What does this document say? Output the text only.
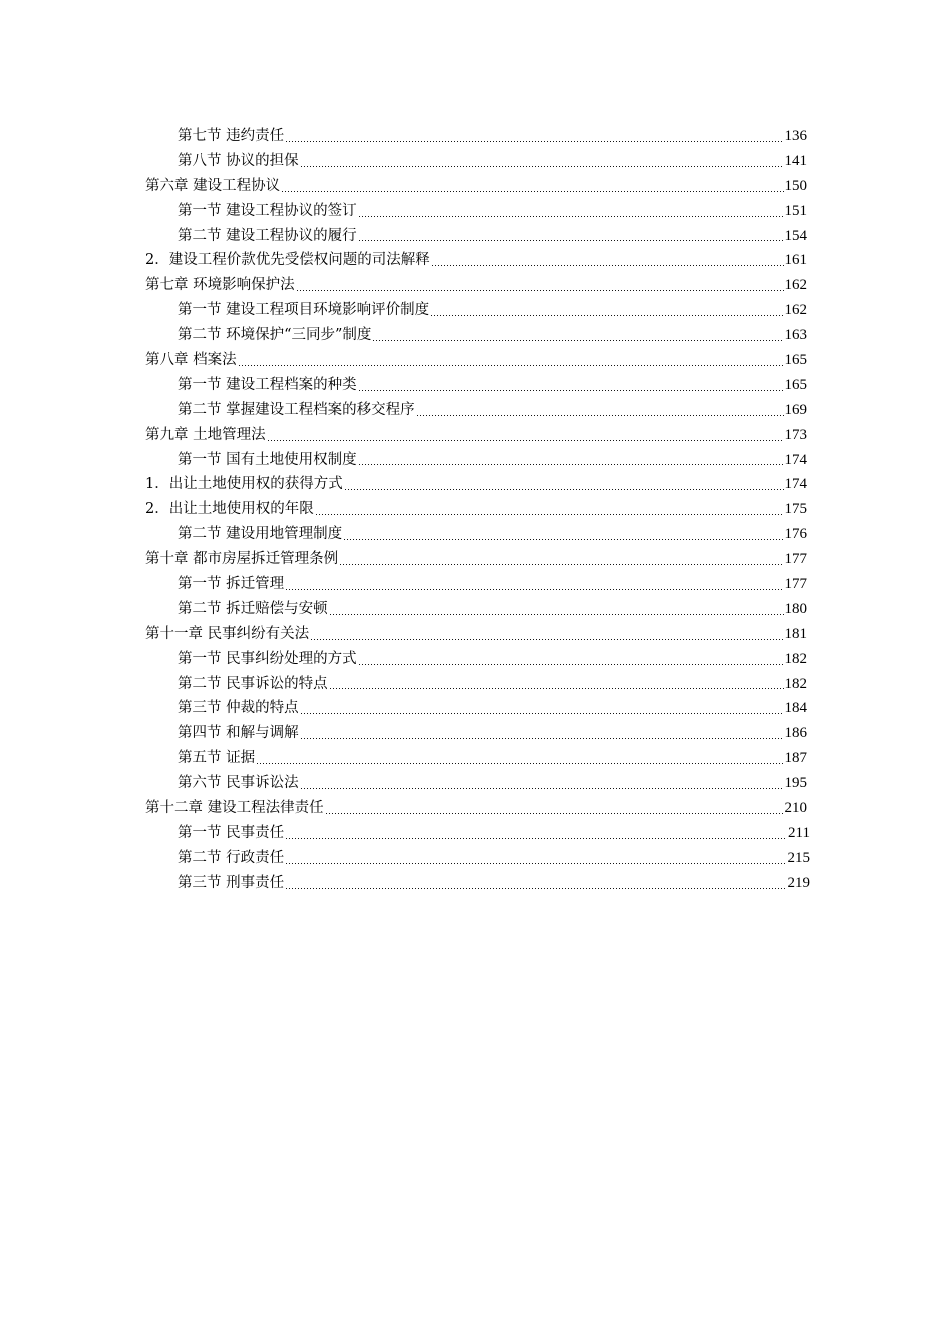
第七节 违约责任	136
第八节 协议的担保	141
第六章 建设工程协议	150
第一节 建设工程协议的签订	151
第二节 建设工程协议的履行	154
2．建设工程价款优先受偿权问题的司法解释	161
第七章 环境影响保护法	162
第一节 建设工程项目环境影响评价制度	162
第二节 环境保护“三同步”制度	163
第八章 档案法	165
第一节 建设工程档案的种类	165
第二节 掌握建设工程档案的移交程序	169
第九章 土地管理法	173
第一节 国有土地使用权制度	174
1．出让土地使用权的获得方式	174
2．出让土地使用权的年限	175
第二节 建设用地管理制度	176
第十章 都市房屋拆迁管理条例	177
第一节 拆迁管理	177
第二节 拆迁赔偿与安顿	180
第十一章 民事纠纷有关法	181
第一节 民事纠纷处理的方式	182
第二节 民事诉讼的特点	182
第三节 仲裁的特点	184
第四节 和解与调解	186
第五节 证据	187
第六节 民事诉讼法	195
第十二章 建设工程法律责任	210
第一节 民事责任	211
第二节 行政责任	215
第三节 刑事责任	219
